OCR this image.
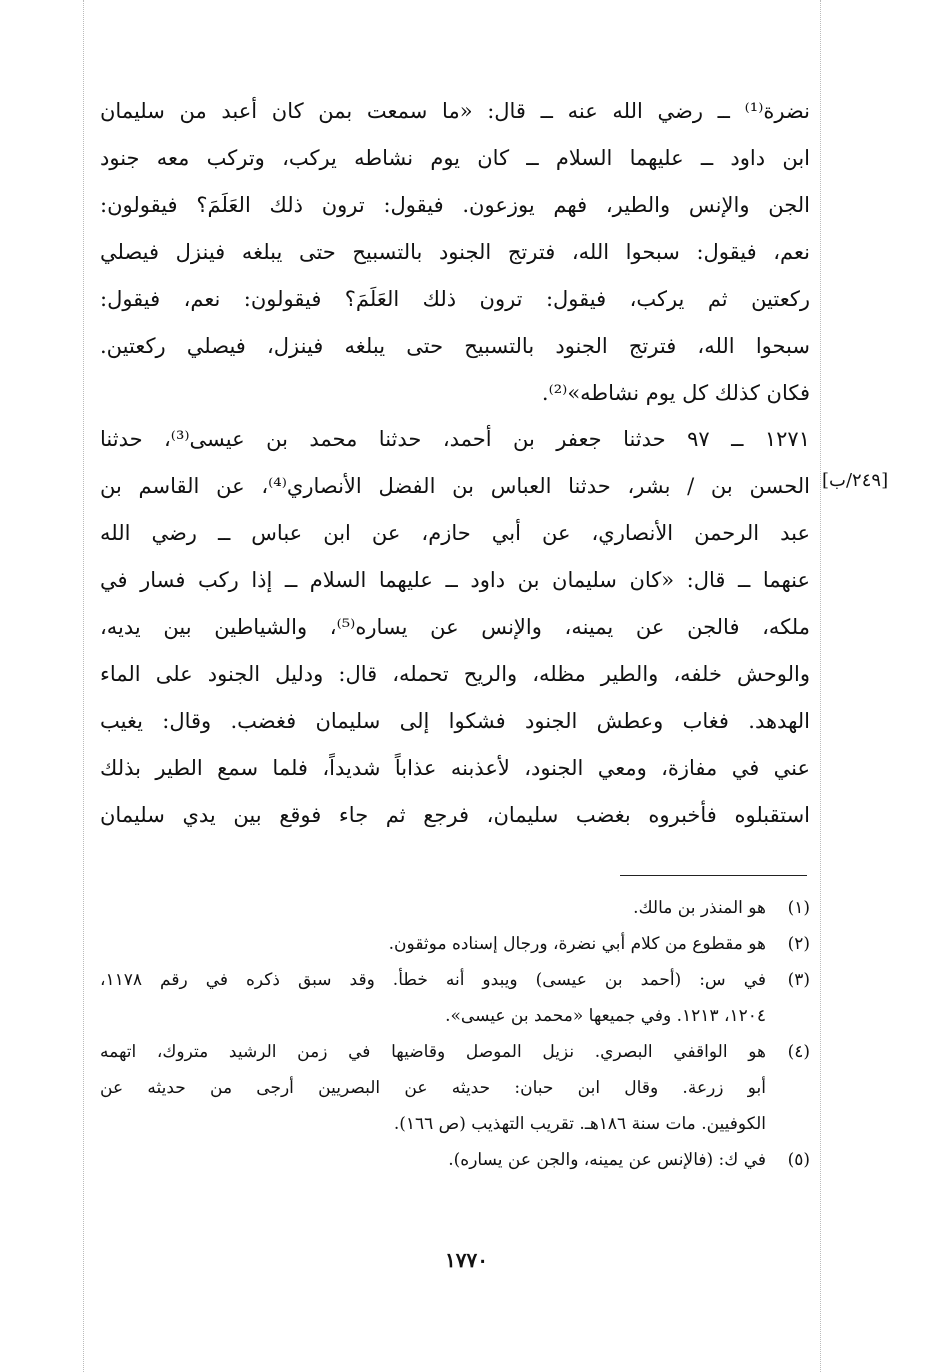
نضرة⁽¹⁾ ــ رضي الله عنه ــ قال: «ما سمعت بمن كان أعبد من سليمان
ابن داود ــ عليهما السلام ــ كان يوم نشاطه يركب، وتركب معه جنود
الجن والإنس والطير، فهم يوزعون. فيقول: ترون ذلك العَلَمَ؟ فيقولون:
نعم، فيقول: سبحوا الله، فترتج الجنود بالتسبيح حتى يبلغه فينزل فيصلي
ركعتين ثم يركب، فيقول: ترون ذلك العَلَمَ؟ فيقولون: نعم، فيقول:
سبحوا الله، فترتج الجنود بالتسبيح حتى يبلغه فينزل، فيصلي ركعتين.
فكان كذلك كل يوم نشاطه»⁽²⁾.
١٢٧١ ــ ٩٧ حدثنا جعفر بن أحمد، حدثنا محمد بن عيسى⁽³⁾، حدثنا
الحسن بن / بشر، حدثنا العباس بن الفضل الأنصاري⁽⁴⁾، عن القاسم بن
عبد الرحمن الأنصاري، عن أبي حازم، عن ابن عباس ــ رضي الله
عنهما ــ قال: «كان سليمان بن داود ــ عليهما السلام ــ إذا ركب فسار في
ملكه، فالجن عن يمينه، والإنس عن يساره⁽⁵⁾، والشياطين بين يديه،
والوحش خلفه، والطير مظله، والريح تحمله، قال: ودليل الجنود على الماء
الهدهد. فغاب وعطش الجنود فشكوا إلى سليمان فغضب. وقال: يغيب
عني في مفازة، ومعي الجنود، لأعذبنه عذاباً شديداً، فلما سمع الطير بذلك
استقبلوه فأخبروه بغضب سليمان، فرجع ثم جاء فوقع بين يدي سليمان
[٢٤٩/ب]
(١)
هو المنذر بن مالك.
(٢)
هو مقطوع من كلام أبي نضرة، ورجال إسناده موثقون.
(٣)
في س: (أحمد بن عيسى) ويبدو أنه خطأ. وقد سبق ذكره في رقم ١١٧٨،
١٢٠٤، ١٢١٣. وفي جميعها «محمد بن عيسى».
(٤)
هو الواقفي البصري. نزيل الموصل وقاضيها في زمن الرشيد متروك، اتهمه
أبو زرعة. وقال ابن حبان: حديثه عن البصريين أرجى من حديثه عن
الكوفيين. مات سنة ١٨٦هـ. تقريب التهذيب (ص ١٦٦).
(٥)
في ك: (فالإنس عن يمينه، والجن عن يساره).
١٧٧٠
